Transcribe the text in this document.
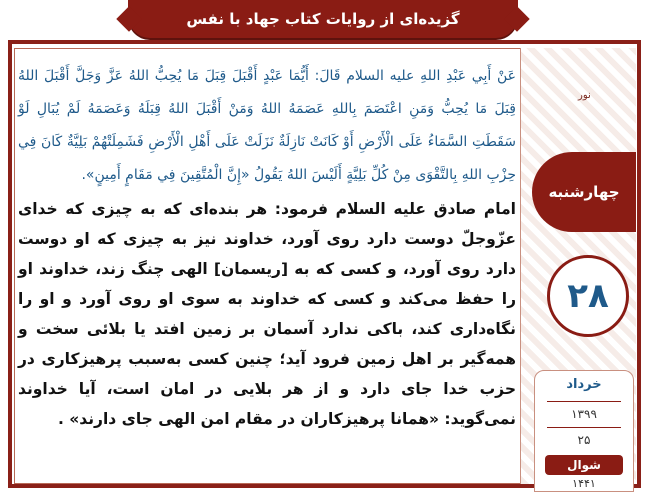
گزیده‌ای از روایات کتاب جهاد با نفس
نور
چهارشنبه
۲۸
خرداد
۱۳۹۹
۲۵
شوال
۱۴۴۱
عَنْ أَبِي عَبْدِ اللهِ عليه السلام قَالَ: أَيُّمَا عَبْدٍ أَقْبَلَ قِبَلَ مَا يُحِبُّ اللهُ عَزَّ وَجَلَّ أَقْبَلَ اللهُ قِبَلَ مَا يُحِبُّ وَمَنِ اعْتَصَمَ بِاللهِ عَصَمَهُ اللهُ وَمَنْ أَقْبَلَ اللهُ قِبَلَهُ وَعَصَمَهُ لَمْ يُبَالِ لَوْ سَقَطَتِ السَّمَاءُ عَلَى الْأَرْضِ أَوْ كَانَتْ نَازِلَةٌ نَزَلَتْ عَلَى أَهْلِ الْأَرْضِ فَشَمِلَتْهُمْ بَلِيَّةٌ كَانَ فِي حِزْبِ اللهِ بِالتَّقْوَى مِنْ كُلِّ بَلِيَّةٍ أَلَيْسَ اللهُ يَقُولُ «إِنَّ الْمُتَّقِينَ فِي مَقَامٍ أَمِينٍ».
امام صادق عليه السلام فرمود: هر بنده‌ای که به چیزی که خدای عزّوجلّ دوست دارد روی آورد، خداوند نیز به چیزی که او دوست دارد روی آورد، و کسی که به [ریسمان] الهی چنگ زند، خداوند او را حفظ می‌کند و کسی که خداوند به سوی او روی آورد و او را نگاه‌داری کند، باکی ندارد آسمان بر زمین افتد یا بلائی سخت و همه‌گیر بر اهل زمین فرود آید؛ چنین کسی به‌سبب پرهیزکاری در حزب خدا جای دارد و از هر بلایی در امان است، آیا خداوند نمی‌گوید: «همانا پرهیزکاران در مقام امن الهی جای دارند» .
